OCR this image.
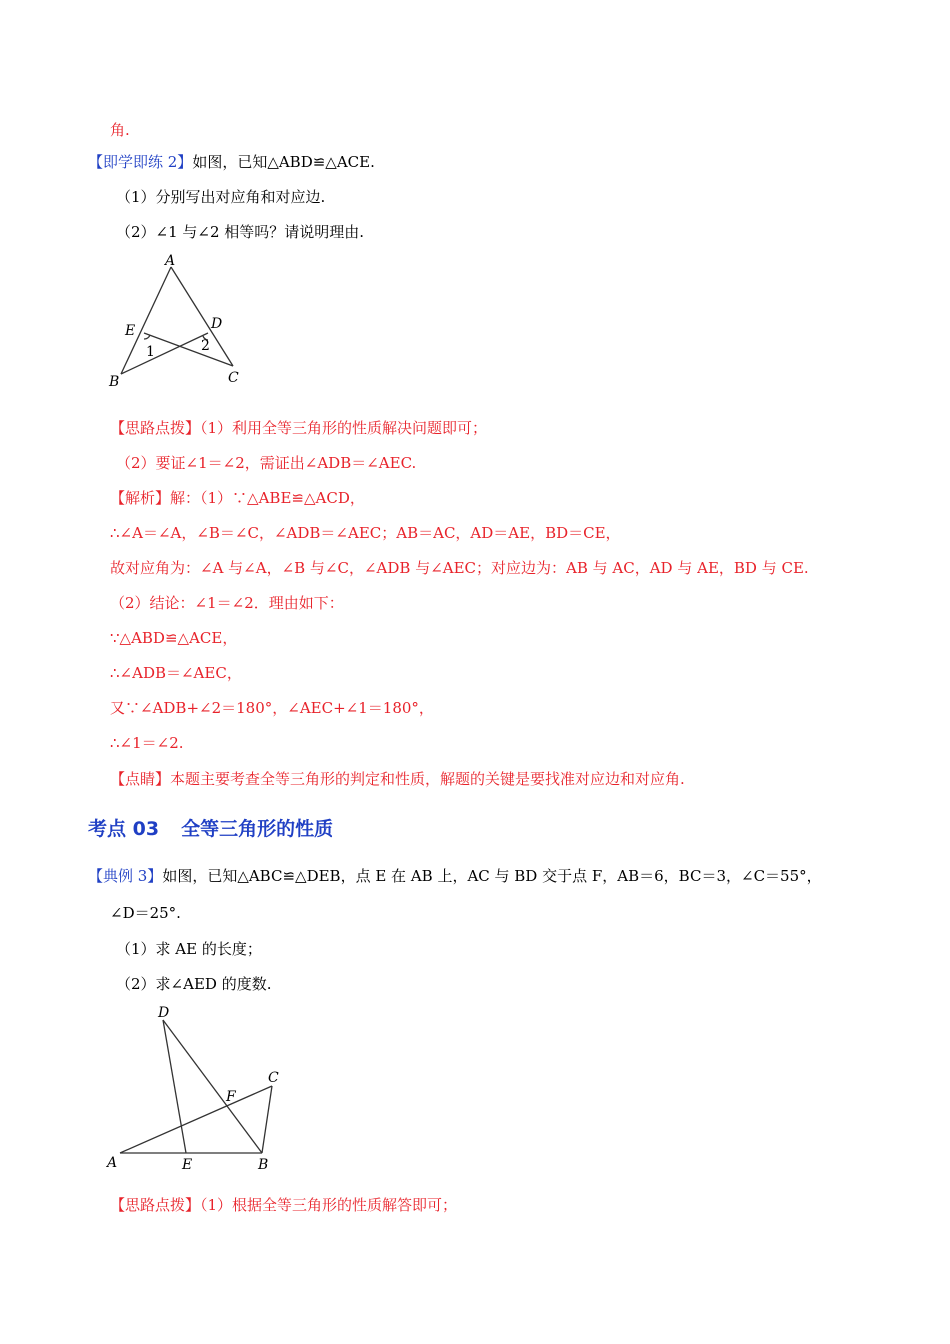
角.
【即学即练 2】如图，已知△ABD≌△ACE.
（1）分别写出对应角和对应边.
（2）∠1 与∠2 相等吗？请说明理由.
A
E	D
1	2
B	C
【思路点拨】（1）利用全等三角形的性质解决问题即可；
（2）要证∠1＝∠2，需证出∠ADB＝∠AEC.
【解析】解：（1）∵△ABE≌△ACD，
∴∠A＝∠A，∠B＝∠C，∠ADB＝∠AEC；AB＝AC，AD＝AE，BD＝CE，
故对应角为：∠A 与∠A，∠B 与∠C，∠ADB 与∠AEC；对应边为：AB 与 AC，AD 与 AE，BD 与 CE.
（2）结论：∠1＝∠2．理由如下：
∵△ABD≌△ACE，
∴∠ADB＝∠AEC，
又∵∠ADB+∠2＝180°，∠AEC+∠1＝180°，
∴∠1＝∠2.
【点睛】本题主要考查全等三角形的判定和性质，解题的关键是要找准对应边和对应角.
考点 03 全等三角形的性质
【典例 3】如图，已知△ABC≌△DEB，点 E 在 AB 上，AC 与 BD 交于点 F，AB＝6，BC＝3，∠C＝55°，
∠D＝25°.
（1）求 AE 的长度；
（2）求∠AED 的度数.
D
C
F
A	E	B
【思路点拨】（1）根据全等三角形的性质解答即可；
